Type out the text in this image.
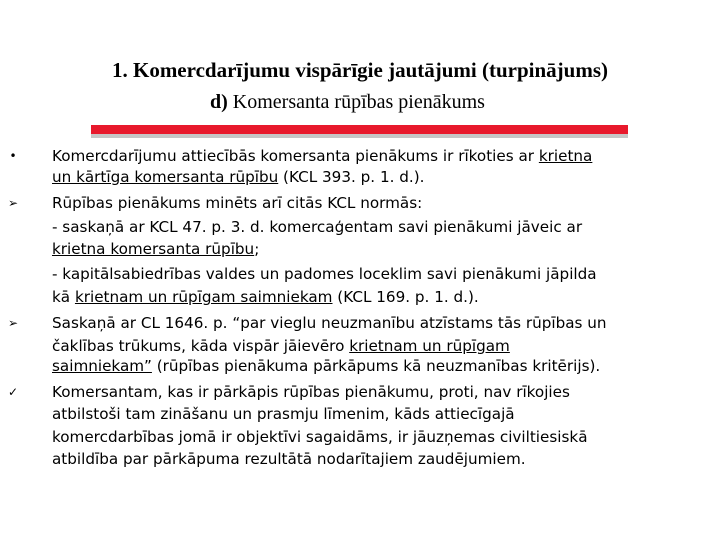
1. Komercdarījumu vispārīgie jautājumi (turpinājums)
d) Komersanta rūpības pienākums
• Komercdarījumu attiecībās komersanta pienākums ir rīkoties ar krietna
un kārtīga komersanta rūpību (KCL 393. p. 1. d.).
➢ Rūpības pienākums minēts arī citās KCL normās:
- saskaņā ar KCL 47. p. 3. d. komercaģentam savi pienākumi jāveic ar
krietna komersanta rūpību;
- kapitālsabiedrības valdes un padomes loceklim savi pienākumi jāpilda
kā krietnam un rūpīgam saimniekam (KCL 169. p. 1. d.).
➢ Saskaņā ar CL 1646. p. “par vieglu neuzmanību atzīstams tās rūpības un
čaklības trūkums, kāda vispār jāievēro krietnam un rūpīgam
saimniekam” (rūpības pienākuma pārkāpums kā neuzmanības kritērijs).
✓ Komersantam, kas ir pārkāpis rūpības pienākumu, proti, nav rīkojies
atbilstoši tam zināšanu un prasmju līmenim, kāds attiecīgajā
komercdarbības jomā ir objektīvi sagaidāms, ir jāuzņemas civiltiesiskā
atbildība par pārkāpuma rezultātā nodarītajiem zaudējumiem.
